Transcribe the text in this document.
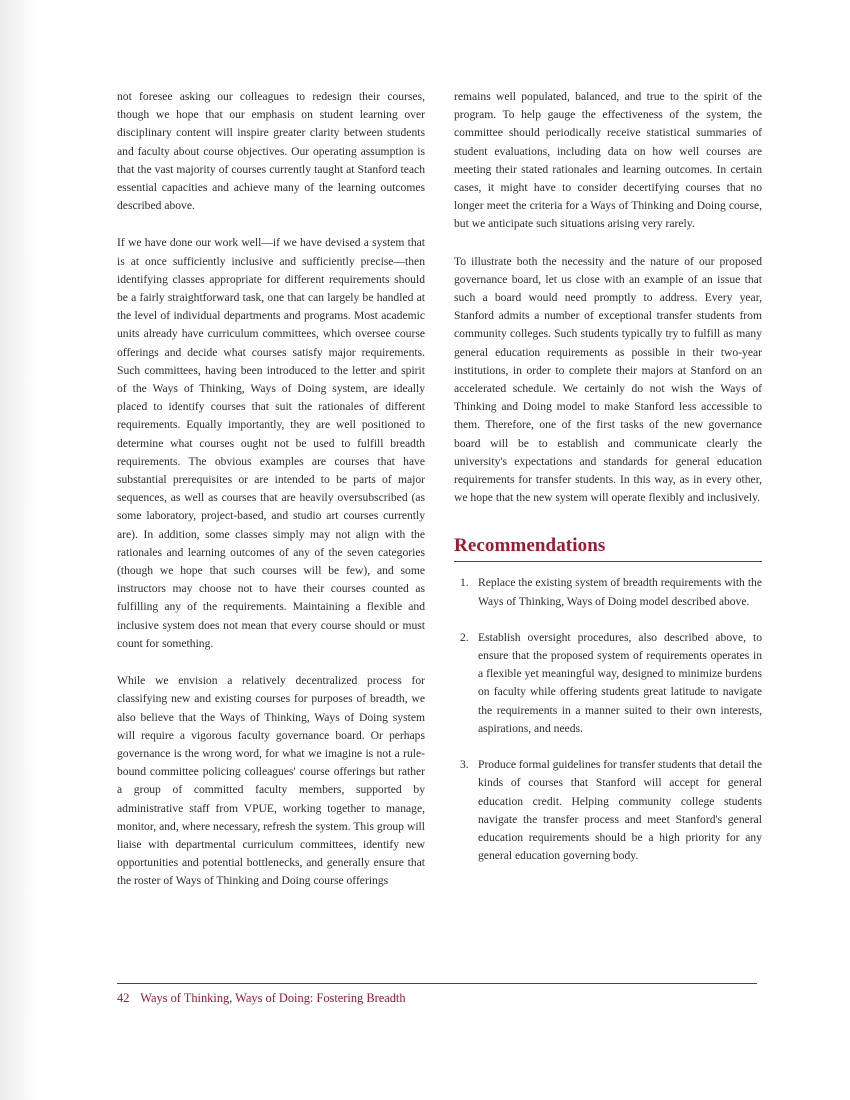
not foresee asking our colleagues to redesign their courses, though we hope that our emphasis on student learning over disciplinary content will inspire greater clarity between students and faculty about course objectives. Our operating assumption is that the vast majority of courses currently taught at Stanford teach essential capacities and achieve many of the learning outcomes described above.

If we have done our work well—if we have devised a system that is at once sufficiently inclusive and sufficiently precise—then identifying classes appropriate for different requirements should be a fairly straightforward task, one that can largely be handled at the level of individual departments and programs. Most academic units already have curriculum committees, which oversee course offerings and decide what courses satisfy major requirements. Such committees, having been introduced to the letter and spirit of the Ways of Thinking, Ways of Doing system, are ideally placed to identify courses that suit the rationales of different requirements. Equally importantly, they are well positioned to determine what courses ought not be used to fulfill breadth requirements. The obvious examples are courses that have substantial prerequisites or are intended to be parts of major sequences, as well as courses that are heavily oversubscribed (as some laboratory, project-based, and studio art courses currently are). In addition, some classes simply may not align with the rationales and learning outcomes of any of the seven categories (though we hope that such courses will be few), and some instructors may choose not to have their courses counted as fulfilling any of the requirements. Maintaining a flexible and inclusive system does not mean that every course should or must count for something.

While we envision a relatively decentralized process for classifying new and existing courses for purposes of breadth, we also believe that the Ways of Thinking, Ways of Doing system will require a vigorous faculty governance board. Or perhaps governance is the wrong word, for what we imagine is not a rule-bound committee policing colleagues' course offerings but rather a group of committed faculty members, supported by administrative staff from VPUE, working together to manage, monitor, and, where necessary, refresh the system. This group will liaise with departmental curriculum committees, identify new opportunities and potential bottlenecks, and generally ensure that the roster of Ways of Thinking and Doing course offerings

remains well populated, balanced, and true to the spirit of the program. To help gauge the effectiveness of the system, the committee should periodically receive statistical summaries of student evaluations, including data on how well courses are meeting their stated rationales and learning outcomes. In certain cases, it might have to consider decertifying courses that no longer meet the criteria for a Ways of Thinking and Doing course, but we anticipate such situations arising very rarely.

To illustrate both the necessity and the nature of our proposed governance board, let us close with an example of an issue that such a board would need promptly to address. Every year, Stanford admits a number of exceptional transfer students from community colleges. Such students typically try to fulfill as many general education requirements as possible in their two-year institutions, in order to complete their majors at Stanford on an accelerated schedule. We certainly do not wish the Ways of Thinking and Doing model to make Stanford less accessible to them. Therefore, one of the first tasks of the new governance board will be to establish and communicate clearly the university's expectations and standards for general education requirements for transfer students. In this way, as in every other, we hope that the new system will operate flexibly and inclusively.

Recommendations
1. Replace the existing system of breadth requirements with the Ways of Thinking, Ways of Doing model described above.
2. Establish oversight procedures, also described above, to ensure that the proposed system of requirements operates in a flexible yet meaningful way, designed to minimize burdens on faculty while offering students great latitude to navigate the requirements in a manner suited to their own interests, aspirations, and needs.
3. Produce formal guidelines for transfer students that detail the kinds of courses that Stanford will accept for general education credit. Helping community college students navigate the transfer process and meet Stanford's general education requirements should be a high priority for any general education governing body.
42 Ways of Thinking, Ways of Doing: Fostering Breadth
